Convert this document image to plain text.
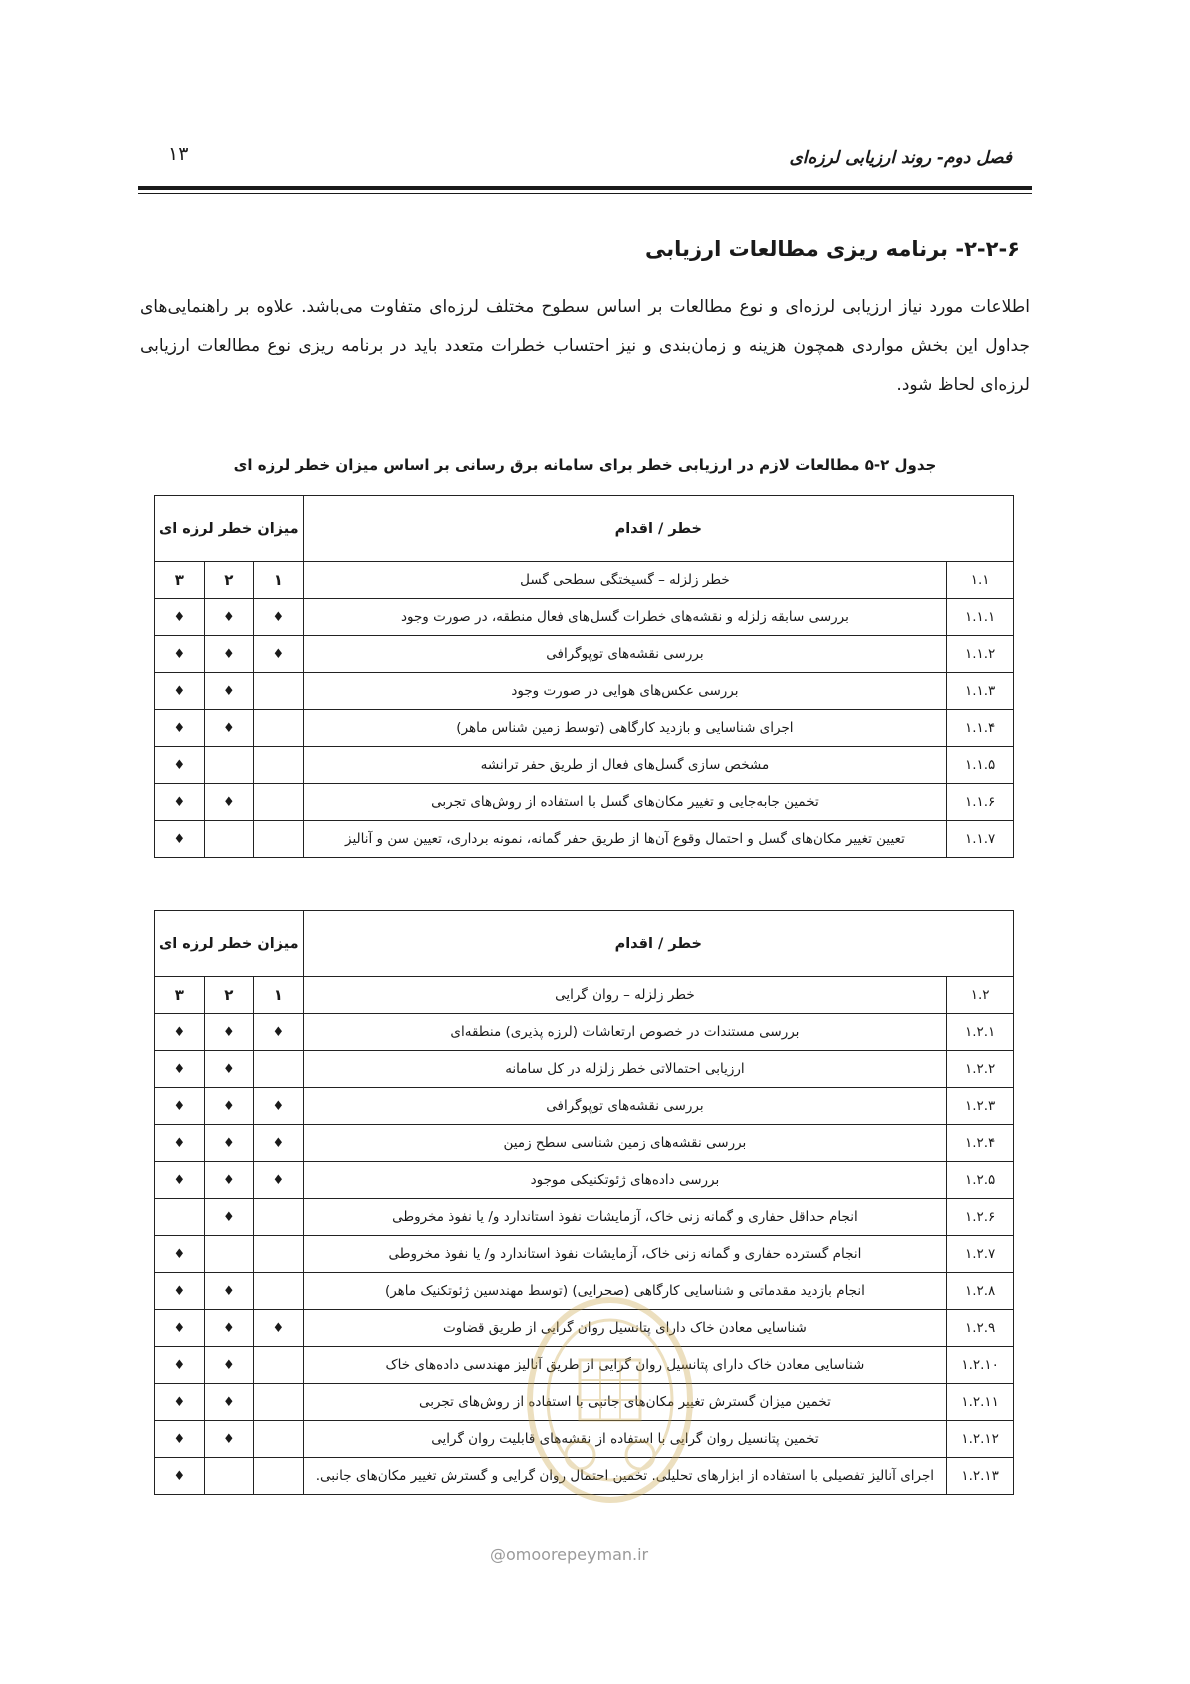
۱۳	فصل دوم- روند ارزیابی لرزه‌ای
۲-۲-۶- برنامه ریزی مطالعات ارزیابی
اطلاعات مورد نیاز ارزیابی لرزه‌ای و نوع مطالعات بر اساس سطوح مختلف لرزه‌ای متفاوت می‌باشد. علاوه بر راهنمایی‌های جداول این بخش مواردی همچون هزینه و زمان‌بندی و نیز احتساب خطرات متعدد باید در برنامه ریزی نوع مطالعات ارزیابی لرزه‌ای لحاظ شود.
جدول ۲-۵ مطالعات لازم در ارزیابی خطر برای سامانه برق رسانی بر اساس میزان خطر لرزه ای
خطر / اقدام		میزان خطر لرزه ای		
۱.۱	خطر زلزله – گسیختگی سطحی گسل	۱	۲	۳
۱.۱.۱	بررسی سابقه زلزله و نقشه‌های خطرات گسل‌های فعال منطقه، در صورت وجود	♦	♦	♦
۱.۱.۲	بررسی نقشه‌های توپوگرافی	♦	♦	♦
۱.۱.۳	بررسی عکس‌های هوایی در صورت وجود		♦	♦
۱.۱.۴	اجرای شناسایی و بازدید کارگاهی (توسط زمین شناس ماهر)		♦	♦
۱.۱.۵	مشخص سازی گسل‌های فعال از طریق حفر ترانشه			♦
۱.۱.۶	تخمین جابه‌جایی و تغییر مکان‌های گسل با استفاده از روش‌های تجربی		♦	♦
۱.۱.۷	تعیین تغییر مکان‌های گسل و احتمال وقوع آن‌ها از طریق حفر گمانه، نمونه برداری، تعیین سن و آنالیز			♦
خطر / اقدام		میزان خطر لرزه ای		
۱.۲	خطر زلزله – روان گرایی	۱	۲	۳
۱.۲.۱	بررسی مستندات در خصوص ارتعاشات (لرزه پذیری) منطقه‌ای	♦	♦	♦
۱.۲.۲	ارزیابی احتمالاتی خطر زلزله در کل سامانه		♦	♦
۱.۲.۳	بررسی نقشه‌های توپوگرافی	♦	♦	♦
۱.۲.۴	بررسی نقشه‌های زمین شناسی سطح زمین	♦	♦	♦
۱.۲.۵	بررسی داده‌های ژئوتکنیکی موجود	♦	♦	♦
۱.۲.۶	انجام حداقل حفاری و گمانه زنی خاک، آزمایشات نفوذ استاندارد و/ یا نفوذ مخروطی		♦	
۱.۲.۷	انجام گسترده حفاری و گمانه زنی خاک، آزمایشات نفوذ استاندارد و/ یا نفوذ مخروطی			♦
۱.۲.۸	انجام بازدید مقدماتی و شناسایی کارگاهی (صحرایی) (توسط مهندسین ژئوتکنیک ماهر)		♦	♦
۱.۲.۹	شناسایی معادن خاک دارای پتانسیل روان گرایی از طریق قضاوت	♦	♦	♦
۱.۲.۱۰	شناسایی معادن خاک دارای پتانسیل روان گرایی از طریق آنالیز مهندسی داده‌های خاک		♦	♦
۱.۲.۱۱	تخمین میزان گسترش تغییر مکان‌های جانبی با استفاده از روش‌های تجربی		♦	♦
۱.۲.۱۲	تخمین پتانسیل روان گرایی با استفاده از نقشه‌های قابلیت روان گرایی		♦	♦
۱.۲.۱۳	اجرای آنالیز تفصیلی با استفاده از ابزارهای تحلیلی. تخمین احتمال روان گرایی و گسترش تغییر مکان‌های جانبی.			♦
@omoorepeyman.ir
